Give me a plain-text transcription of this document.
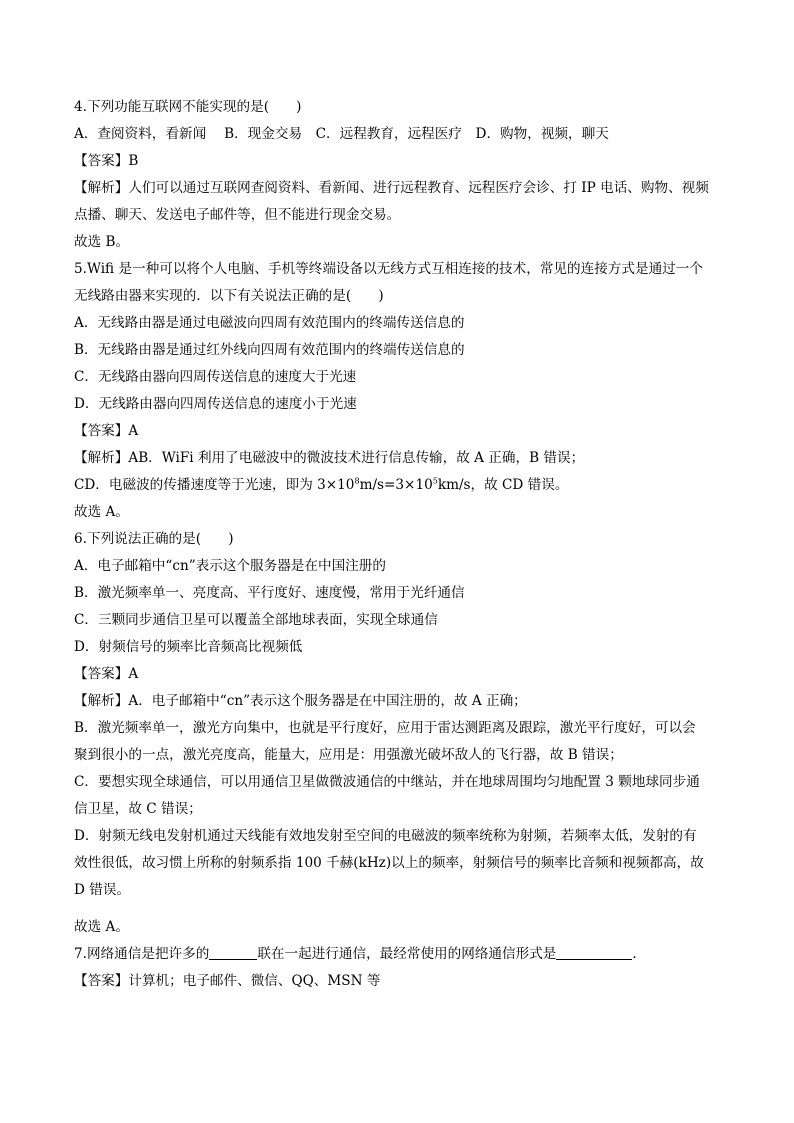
4.下列功能互联网不能实现的是(　　)
A．查阅资料，看新闻　 B．现金交易　C．远程教育，远程医疗　D．购物，视频，聊天
【答案】B
【解析】人们可以通过互联网查阅资料、看新闻、进行远程教育、远程医疗会诊、打 IP 电话、购物、视频
点播、聊天、发送电子邮件等，但不能进行现金交易。
故选 B。
5.Wifi 是一种可以将个人电脑、手机等终端设备以无线方式互相连接的技术，常见的连接方式是通过一个
无线路由器来实现的．以下有关说法正确的是(　　)
A．无线路由器是通过电磁波向四周有效范围内的终端传送信息的
B．无线路由器是通过红外线向四周有效范围内的终端传送信息的
C．无线路由器向四周传送信息的速度大于光速
D．无线路由器向四周传送信息的速度小于光速
【答案】A
【解析】AB．WiFi 利用了电磁波中的微波技术进行信息传输，故 A 正确，B 错误；
CD．电磁波的传播速度等于光速，即为 $3\times 10^8m/s=3\times 10^5km/s$，故 CD 错误。
故选 A。
6.下列说法正确的是(　　)
A．电子邮箱中“cn”表示这个服务器是在中国注册的
B．激光频率单一、亮度高、平行度好、速度慢，常用于光纤通信
C．三颗同步通信卫星可以覆盖全部地球表面，实现全球通信
D．射频信号的频率比音频高比视频低
【答案】A
【解析】A．电子邮箱中“cn”表示这个服务器是在中国注册的，故 A 正确；
B．激光频率单一，激光方向集中，也就是平行度好，应用于雷达测距离及跟踪，激光平行度好，可以会
聚到很小的一点，激光亮度高，能量大，应用是：用强激光破坏敌人的飞行器，故 B 错误；
C．要想实现全球通信，可以用通信卫星做微波通信的中继站，并在地球周围均匀地配置 3 颗地球同步通
信卫星，故 C 错误；
D．射频无线电发射机通过天线能有效地发射至空间的电磁波的频率统称为射频，若频率太低，发射的有
效性很低，故习惯上所称的射频系指 100 千赫(kHz)以上的频率，射频信号的频率比音频和视频都高，故
D 错误。
故选 A。
7.网络通信是把许多的	联在一起进行通信，最经常使用的网络通信形式是	．
【答案】计算机；电子邮件、微信、QQ、MSN 等
